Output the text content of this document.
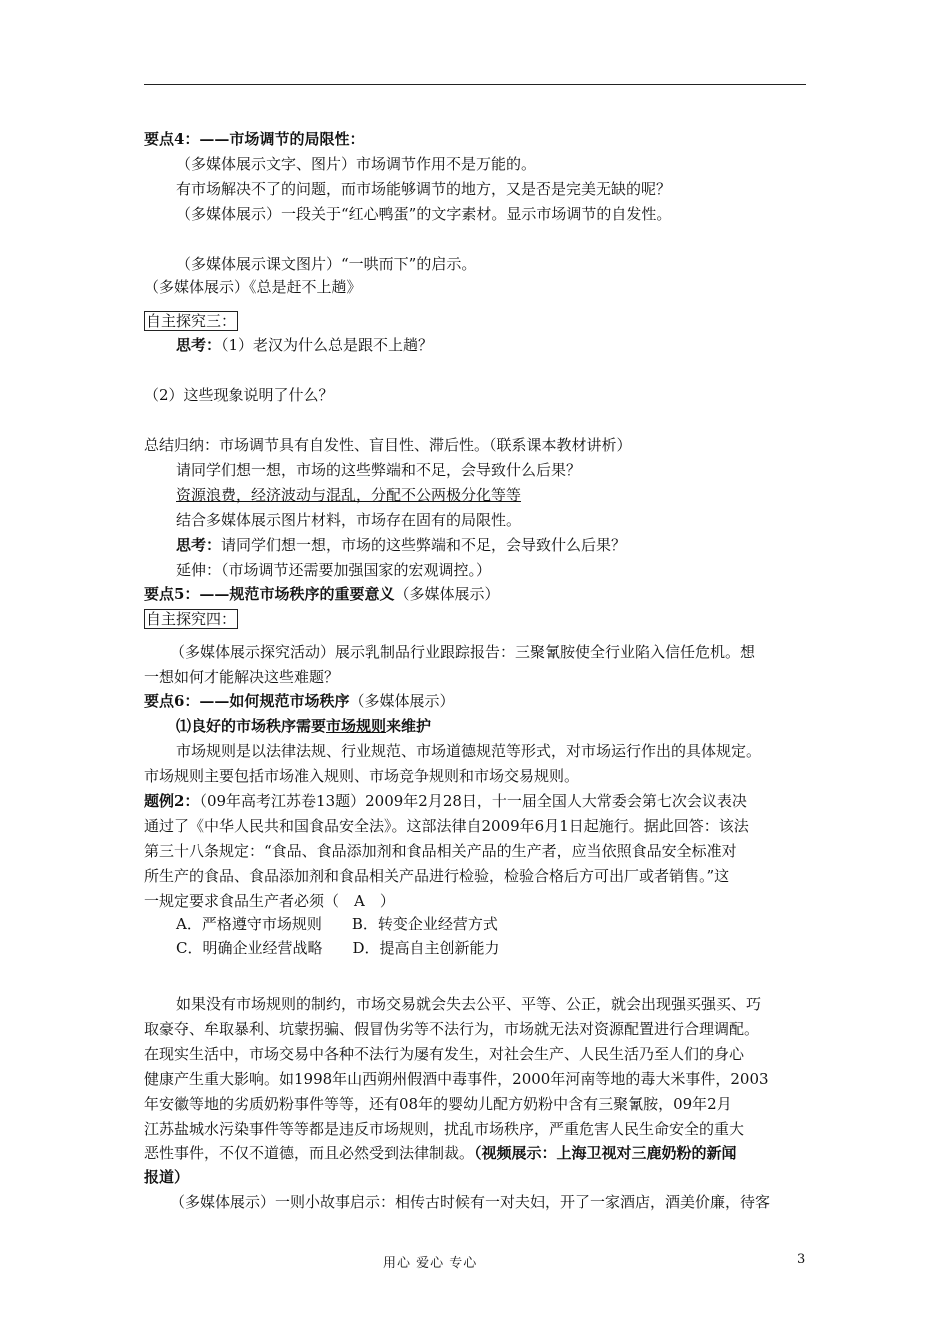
要点4：——市场调节的局限性：
（多媒体展示文字、图片）市场调节作用不是万能的。
有市场解决不了的问题，而市场能够调节的地方，又是否是完美无缺的呢？
（多媒体展示）一段关于“红心鸭蛋”的文字素材。显示市场调节的自发性。
（多媒体展示课文图片）“一哄而下”的启示。
（多媒体展示）《总是赶不上趟》
自主探究三：
思考：（1）老汉为什么总是跟不上趟？
（2）这些现象说明了什么？
总结归纳：市场调节具有自发性、盲目性、滞后性。（联系课本教材讲析）
请同学们想一想，市场的这些弊端和不足，会导致什么后果？
资源浪费，经济波动与混乱，分配不公两极分化等等
结合多媒体展示图片材料，市场存在固有的局限性。
思考：请同学们想一想，市场的这些弊端和不足，会导致什么后果？
延伸：（市场调节还需要加强国家的宏观调控。）
要点5：——规范市场秩序的重要意义（多媒体展示）
自主探究四：
（多媒体展示探究活动）展示乳制品行业跟踪报告：三聚氰胺使全行业陷入信任危机。想
一想如何才能解决这些难题？
要点6：——如何规范市场秩序（多媒体展示）
⑴良好的市场秩序需要市场规则来维护
市场规则是以法律法规、行业规范、市场道德规范等形式，对市场运行作出的具体规定。
市场规则主要包括市场准入规则、市场竞争规则和市场交易规则。
题例2：（09年高考江苏卷13题）2009年2月28日，十一届全国人大常委会第七次会议表决
通过了《中华人民共和国食品安全法》。这部法律自2009年6月1日起施行。据此回答：该法
第三十八条规定：“食品、食品添加剂和食品相关产品的生产者，应当依照食品安全标准对
所生产的食品、食品添加剂和食品相关产品进行检验，检验合格后方可出厂或者销售。”这
一规定要求食品生产者必须（　A　）
A．严格遵守市场规则　　B．转变企业经营方式
C．明确企业经营战略　　D．提高自主创新能力
如果没有市场规则的制约，市场交易就会失去公平、平等、公正，就会出现强买强买、巧
取豪夺、牟取暴利、坑蒙拐骗、假冒伪劣等不法行为，市场就无法对资源配置进行合理调配。
在现实生活中，市场交易中各种不法行为屡有发生，对社会生产、人民生活乃至人们的身心
健康产生重大影响。如1998年山西朔州假酒中毒事件，2000年河南等地的毒大米事件，2003
年安徽等地的劣质奶粉事件等等，还有08年的婴幼儿配方奶粉中含有三聚氰胺，09年2月
江苏盐城水污染事件等等都是违反市场规则，扰乱市场秩序，严重危害人民生命安全的重大
恶性事件，不仅不道德，而且必然受到法律制裁。（视频展示：上海卫视对三鹿奶粉的新闻
报道）
（多媒体展示）一则小故事启示：相传古时候有一对夫妇，开了一家酒店，酒美价廉，待客
用心 爱心 专心	3
